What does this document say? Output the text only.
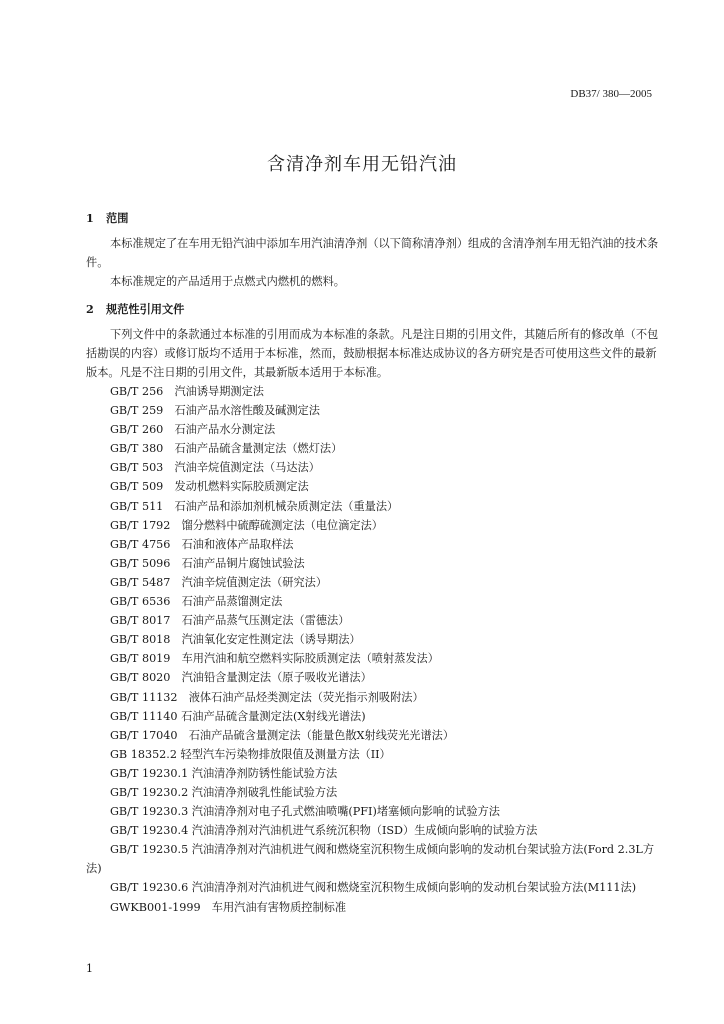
DB37/ 380—2005
含清净剂车用无铅汽油
1 范围

本标准规定了在车用无铅汽油中添加车用汽油清净剂（以下简称清净剂）组成的含清净剂车用无铅汽油的技术条件。

本标准规定的产品适用于点燃式内燃机的燃料。

2 规范性引用文件

下列文件中的条款通过本标准的引用而成为本标准的条款。凡是注日期的引用文件，其随后所有的修改单（不包括勘误的内容）或修订版均不适用于本标准，然而，鼓励根据本标准达成协议的各方研究是否可使用这些文件的最新版本。凡是不注日期的引用文件，其最新版本适用于本标准。

GB/T 256　汽油诱导期测定法
GB/T 259　石油产品水溶性酸及碱测定法
GB/T 260　石油产品水分测定法
GB/T 380　石油产品硫含量测定法（燃灯法）
GB/T 503　汽油辛烷值测定法（马达法）
GB/T 509　发动机燃料实际胶质测定法
GB/T 511　石油产品和添加剂机械杂质测定法（重量法）
GB/T 1792　馏分燃料中硫醇硫测定法（电位滴定法）
GB/T 4756　石油和液体产品取样法
GB/T 5096　石油产品铜片腐蚀试验法
GB/T 5487　汽油辛烷值测定法（研究法）
GB/T 6536　石油产品蒸馏测定法
GB/T 8017　石油产品蒸气压测定法（雷德法）
GB/T 8018　汽油氧化安定性测定法（诱导期法）
GB/T 8019　车用汽油和航空燃料实际胶质测定法（喷射蒸发法）
GB/T 8020　汽油铅含量测定法（原子吸收光谱法）
GB/T 11132　液体石油产品烃类测定法（荧光指示剂吸附法）
GB/T 11140 石油产品硫含量测定法(X射线光谱法)
GB/T 17040　石油产品硫含量测定法（能量色散X射线荧光光谱法）
GB 18352.2 轻型汽车污染物排放限值及测量方法（II）
GB/T 19230.1 汽油清净剂防锈性能试验方法
GB/T 19230.2 汽油清净剂破乳性能试验方法
GB/T 19230.3 汽油清净剂对电子孔式燃油喷嘴(PFI)堵塞倾向影响的试验方法
GB/T 19230.4 汽油清净剂对汽油机进气系统沉积物（ISD）生成倾向影响的试验方法
GB/T 19230.5 汽油清净剂对汽油机进气阀和燃烧室沉积物生成倾向影响的发动机台架试验方法(Ford 2.3L方法)
GB/T 19230.6 汽油清净剂对汽油机进气阀和燃烧室沉积物生成倾向影响的发动机台架试验方法(M111法)
GWKB001-1999　车用汽油有害物质控制标准
1
